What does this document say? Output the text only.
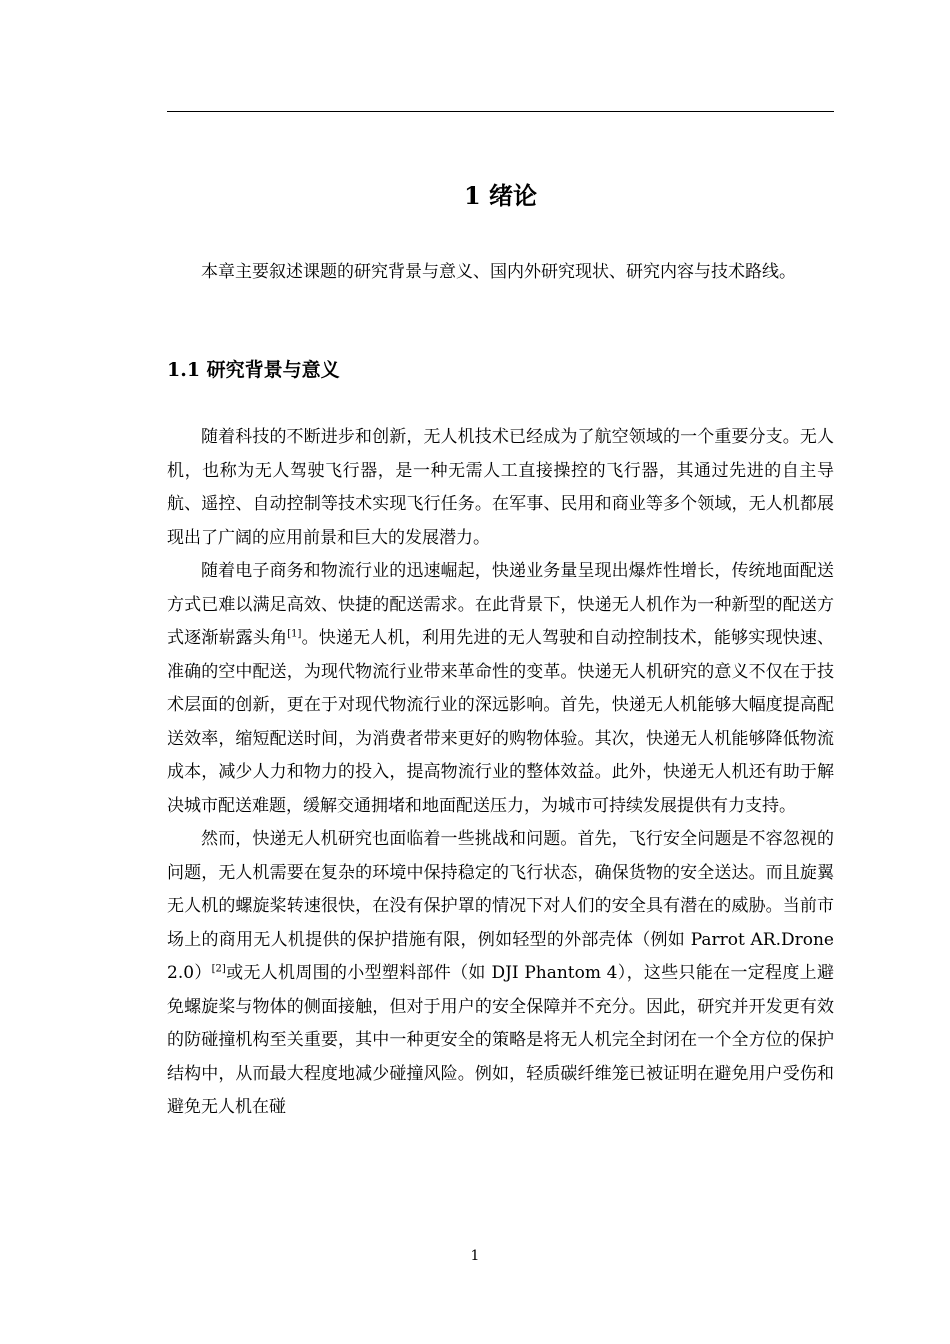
1 绪论

本章主要叙述课题的研究背景与意义、国内外研究现状、研究内容与技术路线。

1.1 研究背景与意义

随着科技的不断进步和创新，无人机技术已经成为了航空领域的一个重要分支。无人机，也称为无人驾驶飞行器，是一种无需人工直接操控的飞行器，其通过先进的自主导航、遥控、自动控制等技术实现飞行任务。在军事、民用和商业等多个领域，无人机都展现出了广阔的应用前景和巨大的发展潜力。

随着电子商务和物流行业的迅速崛起，快递业务量呈现出爆炸性增长，传统地面配送方式已难以满足高效、快捷的配送需求。在此背景下，快递无人机作为一种新型的配送方式逐渐崭露头角[1]。快递无人机，利用先进的无人驾驶和自动控制技术，能够实现快速、准确的空中配送，为现代物流行业带来革命性的变革。快递无人机研究的意义不仅在于技术层面的创新，更在于对现代物流行业的深远影响。首先，快递无人机能够大幅度提高配送效率，缩短配送时间，为消费者带来更好的购物体验。其次，快递无人机能够降低物流成本，减少人力和物力的投入，提高物流行业的整体效益。此外，快递无人机还有助于解决城市配送难题，缓解交通拥堵和地面配送压力，为城市可持续发展提供有力支持。

然而，快递无人机研究也面临着一些挑战和问题。首先，飞行安全问题是不容忽视的问题，无人机需要在复杂的环境中保持稳定的飞行状态，确保货物的安全送达。而且旋翼无人机的螺旋桨转速很快，在没有保护罩的情况下对人们的安全具有潜在的威胁。当前市场上的商用无人机提供的保护措施有限，例如轻型的外部壳体（例如 Parrot AR.Drone 2.0）[2]或无人机周围的小型塑料部件（如 DJI Phantom 4），这些只能在一定程度上避免螺旋桨与物体的侧面接触，但对于用户的安全保障并不充分。因此，研究并开发更有效的防碰撞机构至关重要，其中一种更安全的策略是将无人机完全封闭在一个全方位的保护结构中，从而最大程度地减少碰撞风险。例如，轻质碳纤维笼已被证明在避免用户受伤和避免无人机在碰

1
